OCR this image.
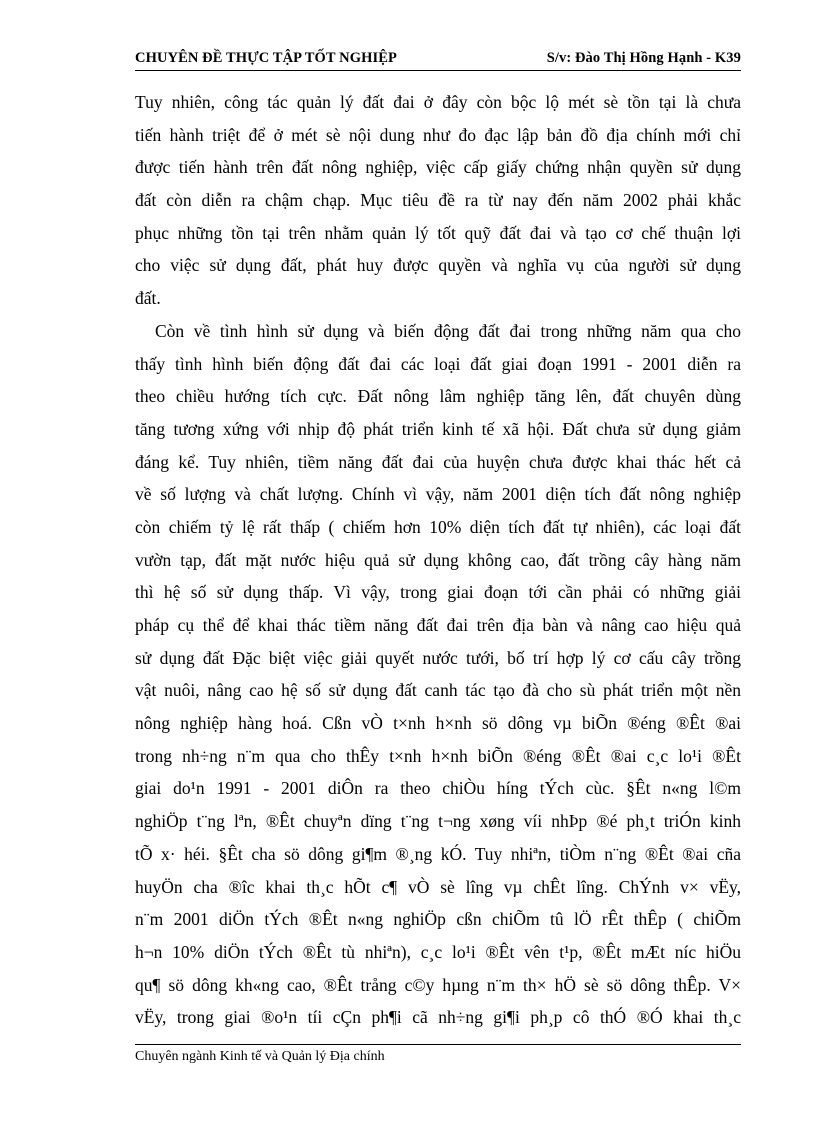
CHUYÊN ĐỀ THỰC TẬP TỐT NGHIỆP	S/v: Đào Thị Hồng Hạnh - K39
Tuy nhiên, công tác quản lý đất đai ở đây còn bộc lộ mét sè tồn tại là chưa
tiến hành triệt để ở mét sè nội dung như đo đạc lập bản đồ địa chính mới chỉ
được tiến hành trên đất nông nghiệp, việc cấp giấy chứng nhận quyền sử dụng
đất còn diễn ra chậm chạp. Mục tiêu đề ra từ nay đến năm 2002 phải khắc
phục những tồn tại trên nhằm quản lý tốt quỹ đất đai và tạo cơ chế thuận lợi
cho việc sử dụng đất, phát huy được quyền và nghĩa vụ của người sử dụng
đất.
Còn về tình hình sử dụng và biến động đất đai trong những năm qua cho
thấy tình hình biến động đất đai các loại đất giai đoạn 1991 - 2001 diễn ra
theo chiều hướng tích cực. Đất nông lâm nghiệp tăng lên, đất chuyên dùng
tăng tương xứng với nhịp độ phát triển kinh tế xã hội. Đất chưa sử dụng giảm
đáng kể. Tuy nhiên, tiềm năng đất đai của huyện chưa được khai thác hết cả
về số lượng và chất lượng. Chính vì vậy, năm 2001 diện tích đất nông nghiệp
còn chiếm tỷ lệ rất thấp ( chiếm hơn 10% diện tích đất tự nhiên), các loại đất
vườn tạp, đất mặt nước hiệu quả sử dụng không cao, đất trồng cây hàng năm
thì hệ số sử dụng thấp. Vì vậy, trong giai đoạn tới cần phải có những giải
pháp cụ thể để khai thác tiềm năng đất đai trên địa bàn và nâng cao hiệu quả
sử dụng đất Đặc biệt việc giải quyết nước tưới, bố trí hợp lý cơ cấu cây trồng
vật nuôi, nâng cao hệ số sử dụng đất canh tác tạo đà cho sù phát triển một nền
nông nghiệp hàng hoá. Cßn vÒ t×nh h×nh sö dông vµ biÕn ®éng ®Êt ®ai
trong nh÷ng n¨m qua cho thÊy t×nh h×nh biÕn ®éng ®Êt ®ai c¸c lo¹i ®Êt
giai do¹n 1991 - 2001 diÔn ra theo chiÒu híng tÝch cùc. §Êt n«ng l©m
nghiÖp t¨ng lªn, ®Êt chuyªn dïng t¨ng t¬ng xøng víi nhÞp ®é ph¸t triÓn kinh
tÕ x· héi. §Êt cha sö dông gi¶m ®¸ng kÓ. Tuy nhiªn, tiÒm n¨ng ®Êt ®ai cña
huyÖn cha ®îc khai th¸c hÕt c¶ vÒ sè lîng vµ chÊt lîng. ChÝnh v× vËy,
n¨m 2001 diÖn tÝch ®Êt n«ng nghiÖp cßn chiÕm tû lÖ rÊt thÊp ( chiÕm
h¬n 10% diÖn tÝch ®Êt tù nhiªn), c¸c lo¹i ®Êt vên t¹p, ®Êt mÆt níc hiÖu
qu¶ sö dông kh«ng cao, ®Êt trång c©y hµng n¨m th× hÖ sè sö dông thÊp. V×
vËy, trong giai ®o¹n tíi cÇn ph¶i cã nh÷ng gi¶i ph¸p cô thÓ ®Ó khai th¸c
Chuyên ngành Kinh tế và Quản lý Địa chính
